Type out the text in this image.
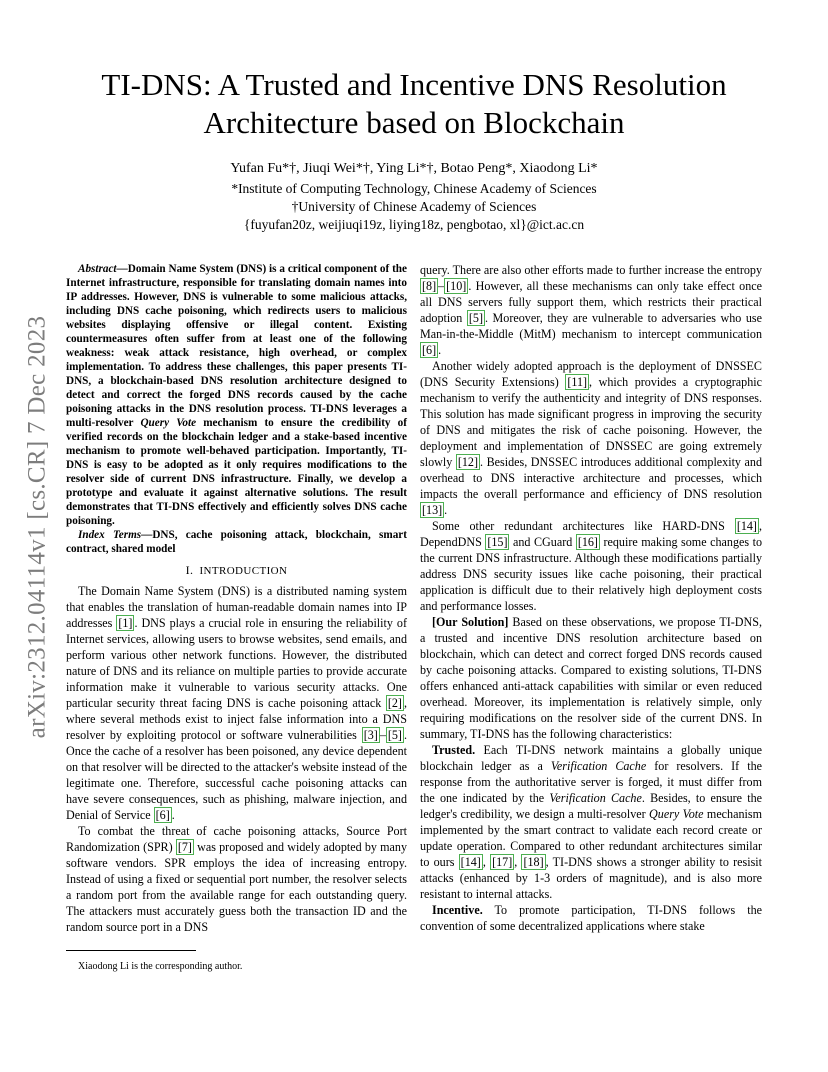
arXiv:2312.04114v1 [cs.CR] 7 Dec 2023
TI-DNS: A Trusted and Incentive DNS Resolution Architecture based on Blockchain
Yufan Fu*†, Jiuqi Wei*†, Ying Li*†, Botao Peng*, Xiaodong Li*
*Institute of Computing Technology, Chinese Academy of Sciences
†University of Chinese Academy of Sciences
{fuyufan20z, weijiuqi19z, liying18z, pengbotao, xl}@ict.ac.cn

Abstract—Domain Name System (DNS) is a critical component of the Internet infrastructure, responsible for translating domain names into IP addresses. However, DNS is vulnerable to some malicious attacks, including DNS cache poisoning, which redirects users to malicious websites displaying offensive or illegal content. Existing countermeasures often suffer from at least one of the following weakness: weak attack resistance, high overhead, or complex implementation. To address these challenges, this paper presents TI-DNS, a blockchain-based DNS resolution architecture designed to detect and correct the forged DNS records caused by the cache poisoning attacks in the DNS resolution process. TI-DNS leverages a multi-resolver Query Vote mechanism to ensure the credibility of verified records on the blockchain ledger and a stake-based incentive mechanism to promote well-behaved participation. Importantly, TI-DNS is easy to be adopted as it only requires modifications to the resolver side of current DNS infrastructure. Finally, we develop a prototype and evaluate it against alternative solutions. The result demonstrates that TI-DNS effectively and efficiently solves DNS cache poisoning.

Index Terms—DNS, cache poisoning attack, blockchain, smart contract, shared model

I. INTRODUCTION

The Domain Name System (DNS) is a distributed naming system that enables the translation of human-readable domain names into IP addresses [1] . DNS plays a crucial role in ensuring the reliability of Internet services, allowing users to browse websites, send emails, and perform various other network functions. However, the distributed nature of DNS and its reliance on multiple parties to provide accurate information make it vulnerable to various security attacks. One particular security threat facing DNS is cache poisoning attack [2] , where several methods exist to inject false information into a DNS resolver by exploiting protocol or software vulnerabilities [3] – [5] . Once the cache of a resolver has been poisoned, any device dependent on that resolver will be directed to the attacker's website instead of the legitimate one. Therefore, successful cache poisoning attacks can have severe consequences, such as phishing, malware injection, and Denial of Service [6] .

To combat the threat of cache poisoning attacks, Source Port Randomization (SPR) [7] was proposed and widely adopted by many software vendors. SPR employs the idea of increasing entropy. Instead of using a fixed or sequential port number, the resolver selects a random port from the available range for each outstanding query. The attackers must accurately guess both the transaction ID and the random source port in a DNS

query. There are also other efforts made to further increase the entropy [8] – [10] . However, all these mechanisms can only take effect once all DNS servers fully support them, which restricts their practical adoption [5] . Moreover, they are vulnerable to adversaries who use Man-in-the-Middle (MitM) mechanism to intercept communication [6] .

Another widely adopted approach is the deployment of DNSSEC (DNS Security Extensions) [11] , which provides a cryptographic mechanism to verify the authenticity and integrity of DNS responses. This solution has made significant progress in improving the security of DNS and mitigates the risk of cache poisoning. However, the deployment and implementation of DNSSEC are going extremely slowly [12] . Besides, DNSSEC introduces additional complexity and overhead to DNS interactive architecture and processes, which impacts the overall performance and efficiency of DNS resolution [13] .

Some other redundant architectures like HARD-DNS [14] , DependDNS [15] and CGuard [16] require making some changes to the current DNS infrastructure. Although these modifications partially address DNS security issues like cache poisoning, their practical application is difficult due to their relatively high deployment costs and performance losses.

[Our Solution] Based on these observations, we propose TI-DNS, a trusted and incentive DNS resolution architecture based on blockchain, which can detect and correct forged DNS records caused by cache poisoning attacks. Compared to existing solutions, TI-DNS offers enhanced anti-attack capabilities with similar or even reduced overhead. Moreover, its implementation is relatively simple, only requiring modifications on the resolver side of the current DNS. In summary, TI-DNS has the following characteristics:

Trusted. Each TI-DNS network maintains a globally unique blockchain ledger as a Verification Cache for resolvers. If the response from the authoritative server is forged, it must differ from the one indicated by the Verification Cache. Besides, to ensure the ledger's credibility, we design a multi-resolver Query Vote mechanism implemented by the smart contract to validate each record create or update operation. Compared to other redundant architectures similar to ours [14] , [17] , [18] , TI-DNS shows a stronger ability to resisit attacks (enhanced by 1-3 orders of magnitude), and is also more resistant to internal attacks.

Incentive. To promote participation, TI-DNS follows the convention of some decentralized applications where stake

Xiaodong Li is the corresponding author.
